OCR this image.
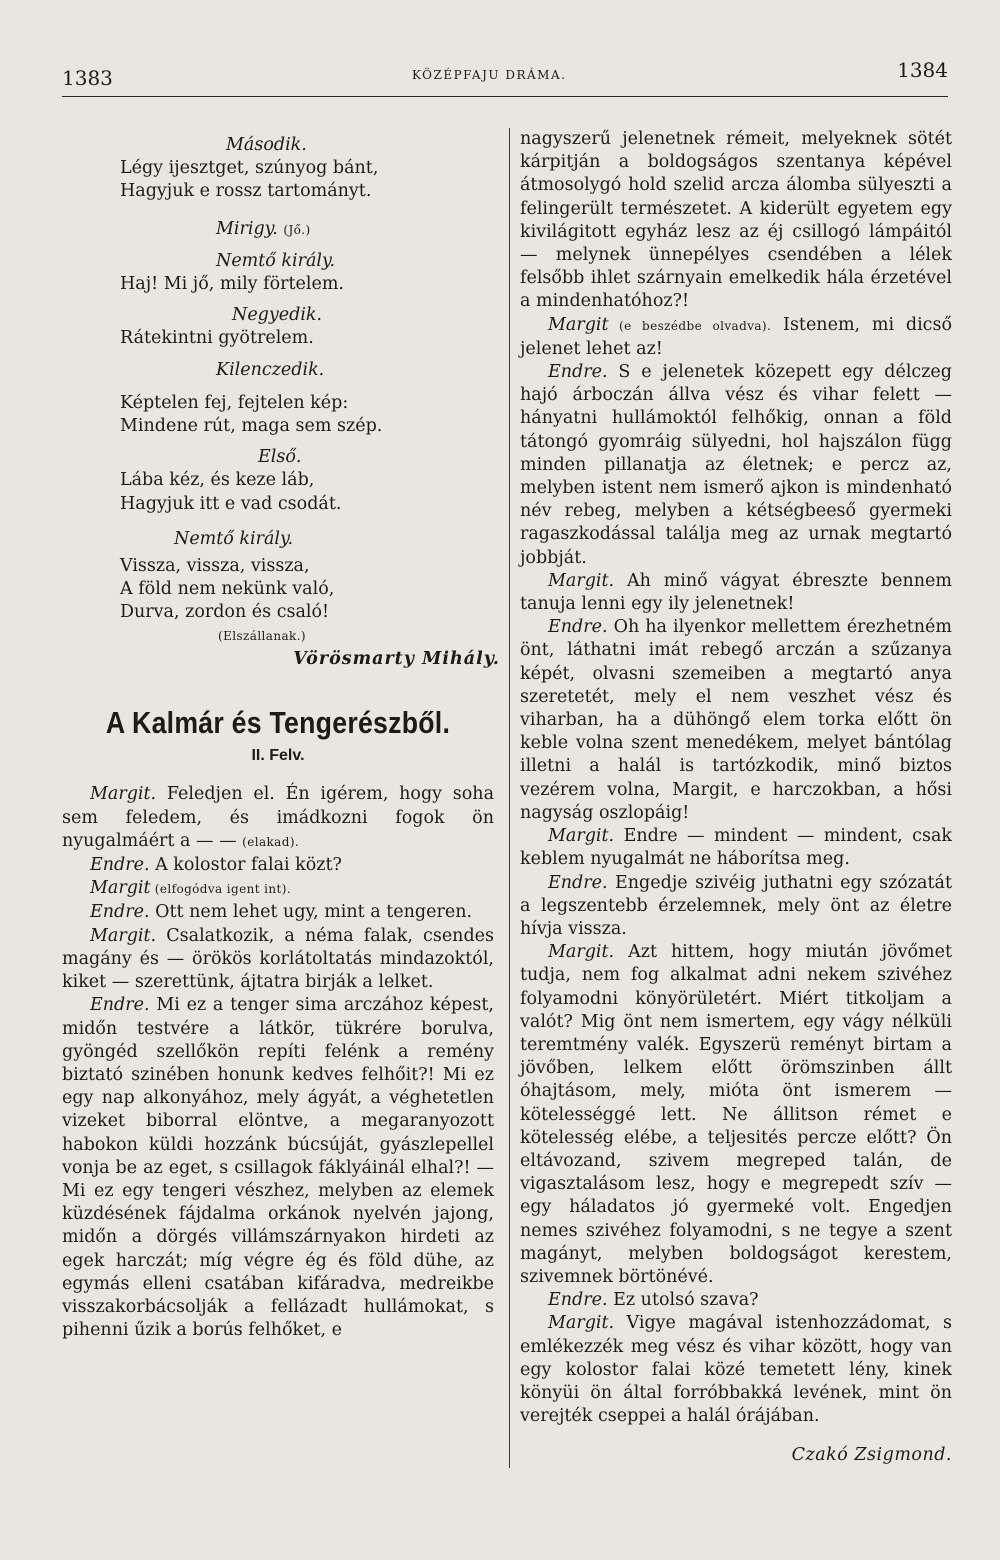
1383	KÖZÉPFAJU DRÁMA.	1384
Második.
Légy ijesztget, szúnyog bánt,
Hagyjuk e rossz tartományt.
Mirigy. (Jő.)
Nemtő király.
Haj! Mi jő, mily förtelem.
Negyedik.
Rátekintni gyötrelem.
Kilenczedik.
Képtelen fej, fejtelen kép:
Mindene rút, maga sem szép.
Első.
Lába kéz, és keze láb,
Hagyjuk itt e vad csodát.
Nemtő király.
Vissza, vissza, vissza,
A föld nem nekünk való,
Durva, zordon és csaló!
(Elszállanak.)
Vörösmarty Mihály.
A Kalmár és Tengerészből.
II. Felv.

Margit. Feledjen el. Én igérem, hogy soha sem feledem, és imádkozni fogok ön nyugalmáért a — — (elakad).

Endre. A kolostor falai közt?

Margit (elfogódva igent int).

Endre. Ott nem lehet ugy, mint a tengeren.

Margit. Csalatkozik, a néma falak, csendes magány és — örökös korlátoltatás mindazoktól, kiket — szerettünk, ájtatra birják a lelket.

Endre. Mi ez a tenger sima arczához képest, midőn testvére a látkör, tükrére borulva, gyöngéd szellőkön repíti felénk a remény biztató szinében honunk kedves felhőit?! Mi ez egy nap alkonyához, mely ágyát, a véghetetlen vizeket biborral elöntve, a megaranyozott habokon küldi hozzánk búcsúját, gyászlepellel vonja be az eget, s csillagok fáklyáinál elhal?! — Mi ez egy tengeri vészhez, melyben az elemek küzdésének fájdalma orkánok nyelvén jajong, midőn a dörgés villámszárnyakon hirdeti az egek harczát; míg végre ég és föld dühe, az egymás elleni csatában kifáradva, medreikbe visszakorbácsolják a fellázadt hullámokat, s pihenni űzik a borús felhőket, e

nagyszerű jelenetnek rémeit, melyeknek sötét kárpitján a boldogságos szentanya képével átmosolygó hold szelid arcza álomba sülyeszti a felingerült természetet. A kiderült egyetem egy kivilágitott egyház lesz az éj csillogó lámpáitól — melynek ünnepélyes csendében a lélek felsőbb ihlet szárnyain emelkedik hála érzetével a mindenhatóhoz?!

Margit (e beszédbe olvadva). Istenem, mi dicső jelenet lehet az!

Endre. S e jelenetek közepett egy délczeg hajó árboczán állva vész és vihar felett — hányatni hullámoktól felhőkig, onnan a föld tátongó gyomráig sülyedni, hol hajszálon függ minden pillanatja az életnek; e percz az, melyben istent nem ismerő ajkon is mindenható név rebeg, melyben a kétségbeeső gyermeki ragaszkodással találja meg az urnak megtartó jobbját.

Margit. Ah minő vágyat ébreszte bennem tanuja lenni egy ily jelenetnek!

Endre. Oh ha ilyenkor mellettem érezhetném önt, láthatni imát rebegő arczán a szűzanya képét, olvasni szemeiben a megtartó anya szeretetét, mely el nem veszhet vész és viharban, ha a dühöngő elem torka előtt ön keble volna szent menedékem, melyet bántólag illetni a halál is tartózkodik, minő biztos vezérem volna, Margit, e harczokban, a hősi nagyság oszlopáig!

Margit. Endre — mindent — mindent, csak keblem nyugalmát ne háborítsa meg.

Endre. Engedje szivéig juthatni egy szózatát a legszentebb érzelemnek, mely önt az életre hívja vissza.

Margit. Azt hittem, hogy miután jövőmet tudja, nem fog alkalmat adni nekem szivéhez folyamodni könyörületért. Miért titkoljam a valót? Mig önt nem ismertem, egy vágy nélküli teremtmény valék. Egyszerü reményt birtam a jövőben, lelkem előtt örömszinben állt óhajtásom, mely, mióta önt ismerem — kötelességgé lett. Ne állitson rémet e kötelesség elébe, a teljesités percze előtt? Ön eltávozand, szivem megreped talán, de vigasztalásom lesz, hogy e megrepedt szív — egy háladatos jó gyermeké volt. Engedjen nemes szivéhez folyamodni, s ne tegye a szent magányt, melyben boldogságot kerestem, szivemnek börtönévé.

Endre. Ez utolsó szava?

Margit. Vigye magával istenhozzádomat, s emlékezzék meg vész és vihar között, hogy van egy kolostor falai közé temetett lény, kinek könyüi ön által forróbbakká levének, mint ön verejték cseppei a halál órájában.

Czakó Zsigmond.
